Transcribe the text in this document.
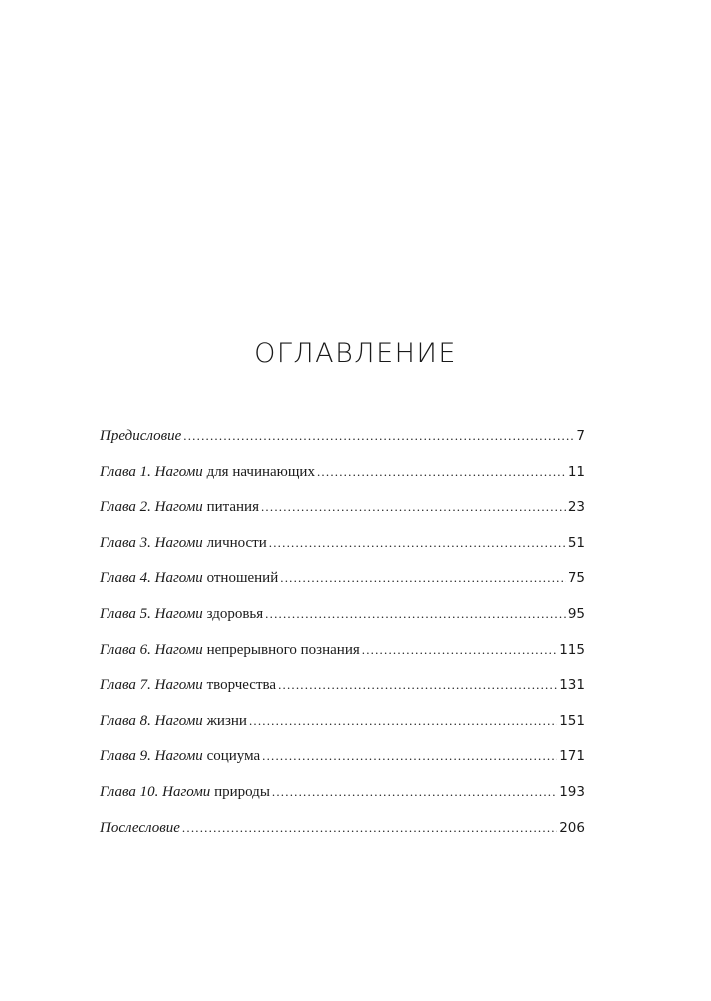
ОГЛАВЛЕНИЕ
Предисловие .....	7
Глава 1. Нагоми для начинающих .....	11
Глава 2. Нагоми питания .....	23
Глава 3. Нагоми личности .....	51
Глава 4. Нагоми отношений .....	75
Глава 5. Нагоми здоровья .....	95
Глава 6. Нагоми непрерывного познания .....	115
Глава 7. Нагоми творчества .....	131
Глава 8. Нагоми жизни .....	151
Глава 9. Нагоми социума .....	171
Глава 10. Нагоми природы .....	193
Послесловие .....	206
